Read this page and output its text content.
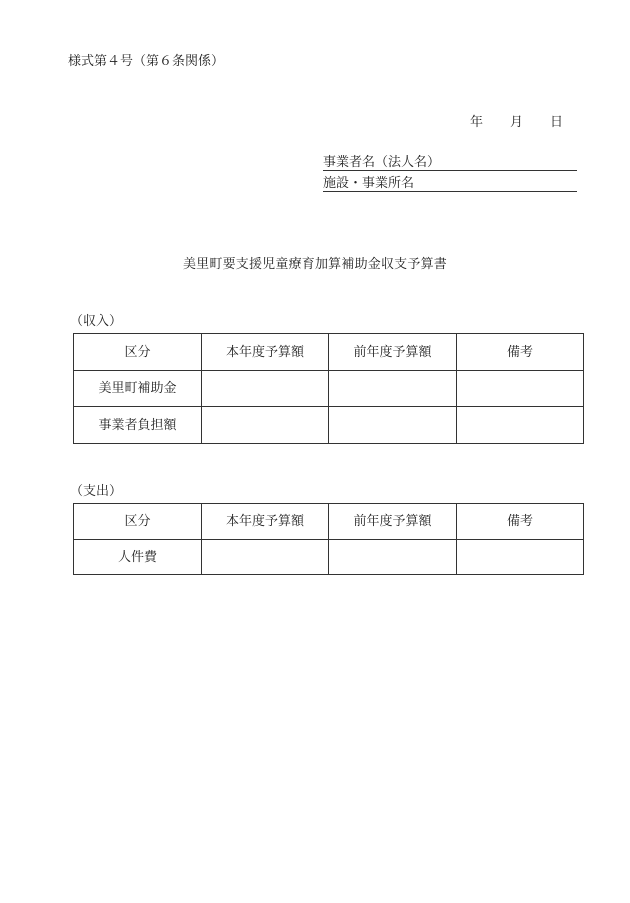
様式第４号（第６条関係）
年 月 日
事業者名（法人名）
施設・事業所名
美里町要支援児童療育加算補助金収支予算書
（収入）
区分	本年度予算額	前年度予算額	備考
美里町補助金			
事業者負担額			
（支出）
区分	本年度予算額	前年度予算額	備考
人件費			
